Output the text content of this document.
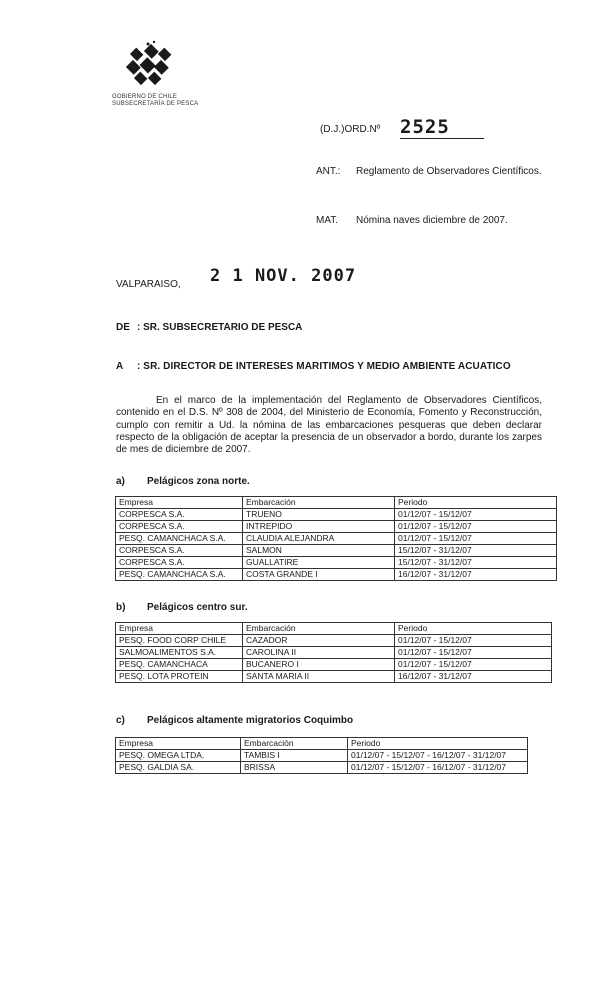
GOBIERNO DE CHILE
SUBSECRETARÍA DE PESCA
(D.J.)ORD.Nº 2525
ANT.: Reglamento de Observadores Científicos.
MAT. Nómina naves diciembre de 2007.
VALPARAISO, 2 1 NOV. 2007
DE : SR. SUBSECRETARIO DE PESCA
A : SR. DIRECTOR DE INTERESES MARITIMOS Y MEDIO AMBIENTE ACUATICO
En el marco de la implementación del Reglamento de Observadores Científicos, contenido en el D.S. Nº 308 de 2004, del Ministerio de Economía, Fomento y Reconstrucción, cumplo con remitir a Ud. la nómina de las embarcaciones pesqueras que deben declarar respecto de la obligación de aceptar la presencia de un observador a bordo, durante los zarpes de mes de diciembre de 2007.
a) Pelágicos zona norte.
Empresa	Embarcación	Periodo
CORPESCA S.A.	TRUENO	01/12/07 - 15/12/07
CORPESCA S.A.	INTREPIDO	01/12/07 - 15/12/07
PESQ. CAMANCHACA S.A.	CLAUDIA ALEJANDRA	01/12/07 - 15/12/07
CORPESCA S.A.	SALMON	15/12/07 - 31/12/07
CORPESCA S.A.	GUALLATIRE	15/12/07 - 31/12/07
PESQ. CAMANCHACA S.A.	COSTA GRANDE I	16/12/07 - 31/12/07
b) Pelágicos centro sur.
Empresa	Embarcación	Periodo
PESQ. FOOD CORP CHILE	CAZADOR	01/12/07 - 15/12/07
SALMOALIMENTOS S.A.	CAROLINA II	01/12/07 - 15/12/07
PESQ. CAMANCHACA	BUCANERO I	01/12/07 - 15/12/07
PESQ. LOTA PROTEIN	SANTA MARIA II	16/12/07 - 31/12/07
c) Pelágicos altamente migratorios Coquimbo
Empresa	Embarcación	Periodo
PESQ. OMEGA LTDA.	TAMBIS I	01/12/07 - 15/12/07 - 16/12/07 - 31/12/07
PESQ. GALDIA SA.	BRISSA	01/12/07 - 15/12/07 - 16/12/07 - 31/12/07
